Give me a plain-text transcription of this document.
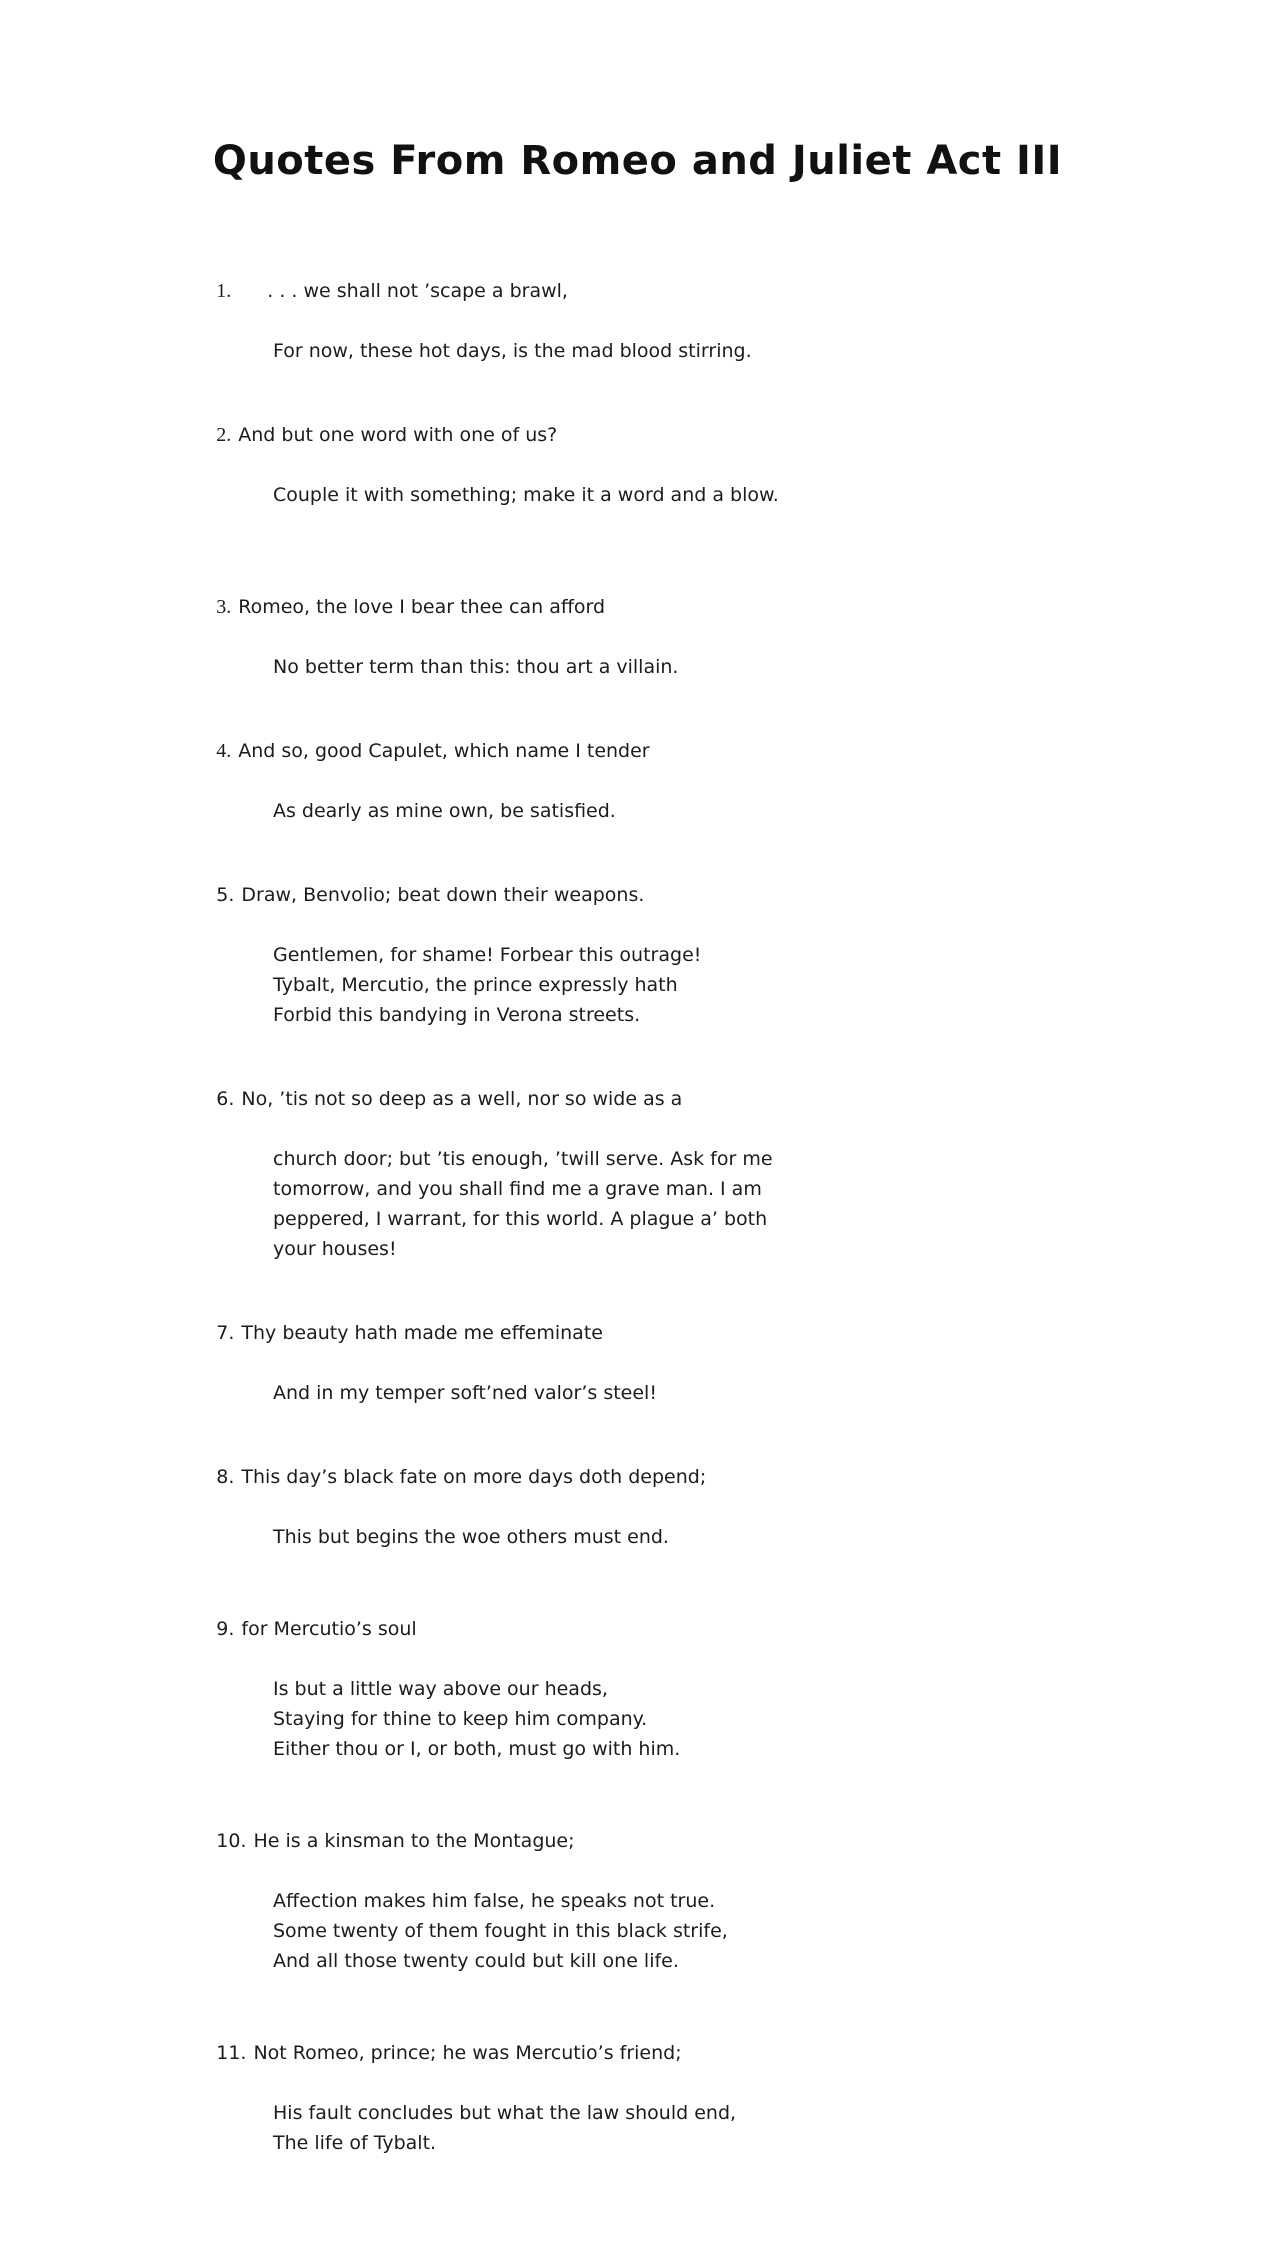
Quotes From Romeo and Juliet Act III

1. . . . we shall not ’scape a brawl,

For now, these hot days, is the mad blood stirring.

2. And but one word with one of us?

Couple it with something; make it a word and a blow.

3. Romeo, the love I bear thee can afford

No better term than this: thou art a villain.

4. And so, good Capulet, which name I tender

As dearly as mine own, be satisfied.

5. Draw, Benvolio; beat down their weapons.

Gentlemen, for shame! Forbear this outrage!
Tybalt, Mercutio, the prince expressly hath
Forbid this bandying in Verona streets.

6. No, ’tis not so deep as a well, nor so wide as a

church door; but ’tis enough, ’twill serve. Ask for me
tomorrow, and you shall find me a grave man. I am
peppered, I warrant, for this world. A plague a’ both
your houses!

7. Thy beauty hath made me effeminate

And in my temper soft’ned valor’s steel!

8. This day’s black fate on more days doth depend;

This but begins the woe others must end.

9. for Mercutio’s soul

Is but a little way above our heads,
Staying for thine to keep him company.
Either thou or I, or both, must go with him.

10. He is a kinsman to the Montague;

Affection makes him false, he speaks not true.
Some twenty of them fought in this black strife,
And all those twenty could but kill one life.

11. Not Romeo, prince; he was Mercutio’s friend;

His fault concludes but what the law should end,
The life of Tybalt.
